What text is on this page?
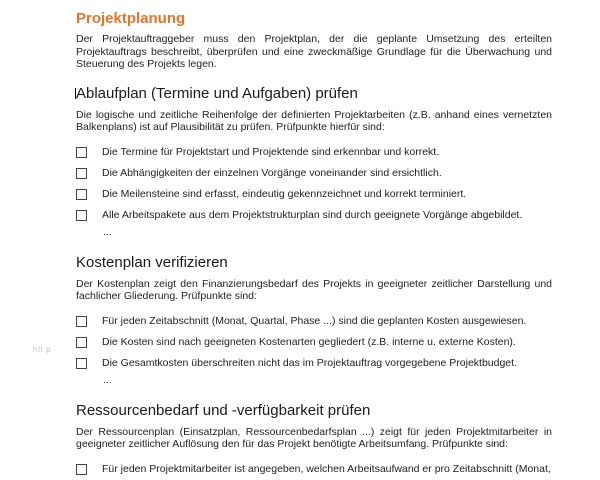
htt p
Projektplanung

Der Projektauftraggeber muss den Projektplan, der die geplante Umsetzung des erteilten Projektauftrags beschreibt, überprüfen und eine zweckmäßige Grundlage für die Überwachung und Steuerung des Projekts legen.

Ablaufplan (Termine und Aufgaben) prüfen

Die logische und zeitliche Reihenfolge der definierten Projektarbeiten (z.B. anhand eines vernetzten Balkenplans) ist auf Plausibilität zu prüfen. Prüfpunkte hierfür sind:

Die Termine für Projektstart und Projektende sind erkennbar und korrekt.
Die Abhängigkeiten der einzelnen Vorgänge voneinander sind ersichtlich.
Die Meilensteine sind erfasst, eindeutig gekennzeichnet und korrekt terminiert.
Alle Arbeitspakete aus dem Projektstrukturplan sind durch geeignete Vorgänge abgebildet.
...
Kostenplan verifizieren

Der Kostenplan zeigt den Finanzierungsbedarf des Projekts in geeigneter zeitlicher Darstellung und fachlicher Gliederung. Prüfpunkte sind:

Für jeden Zeitabschnitt (Monat, Quartal, Phase ...) sind die geplanten Kosten ausgewiesen.
Die Kosten sind nach geeigneten Kostenarten gegliedert (z.B. interne u. externe Kosten).
Die Gesamtkosten überschreiten nicht das im Projektauftrag vorgegebene Projektbudget.
...
Ressourcenbedarf und -verfügbarkeit prüfen

Der Ressourcenplan (Einsatzplan, Ressourcenbedarfsplan ...) zeigt für jeden Projektmitarbeiter in geeigneter zeitlicher Auflösung den für das Projekt benötigte Arbeitsumfang. Prüfpunkte sind:

Für jeden Projektmitarbeiter ist angegeben, welchen Arbeitsaufwand er pro Zeitabschnitt (Monat,
